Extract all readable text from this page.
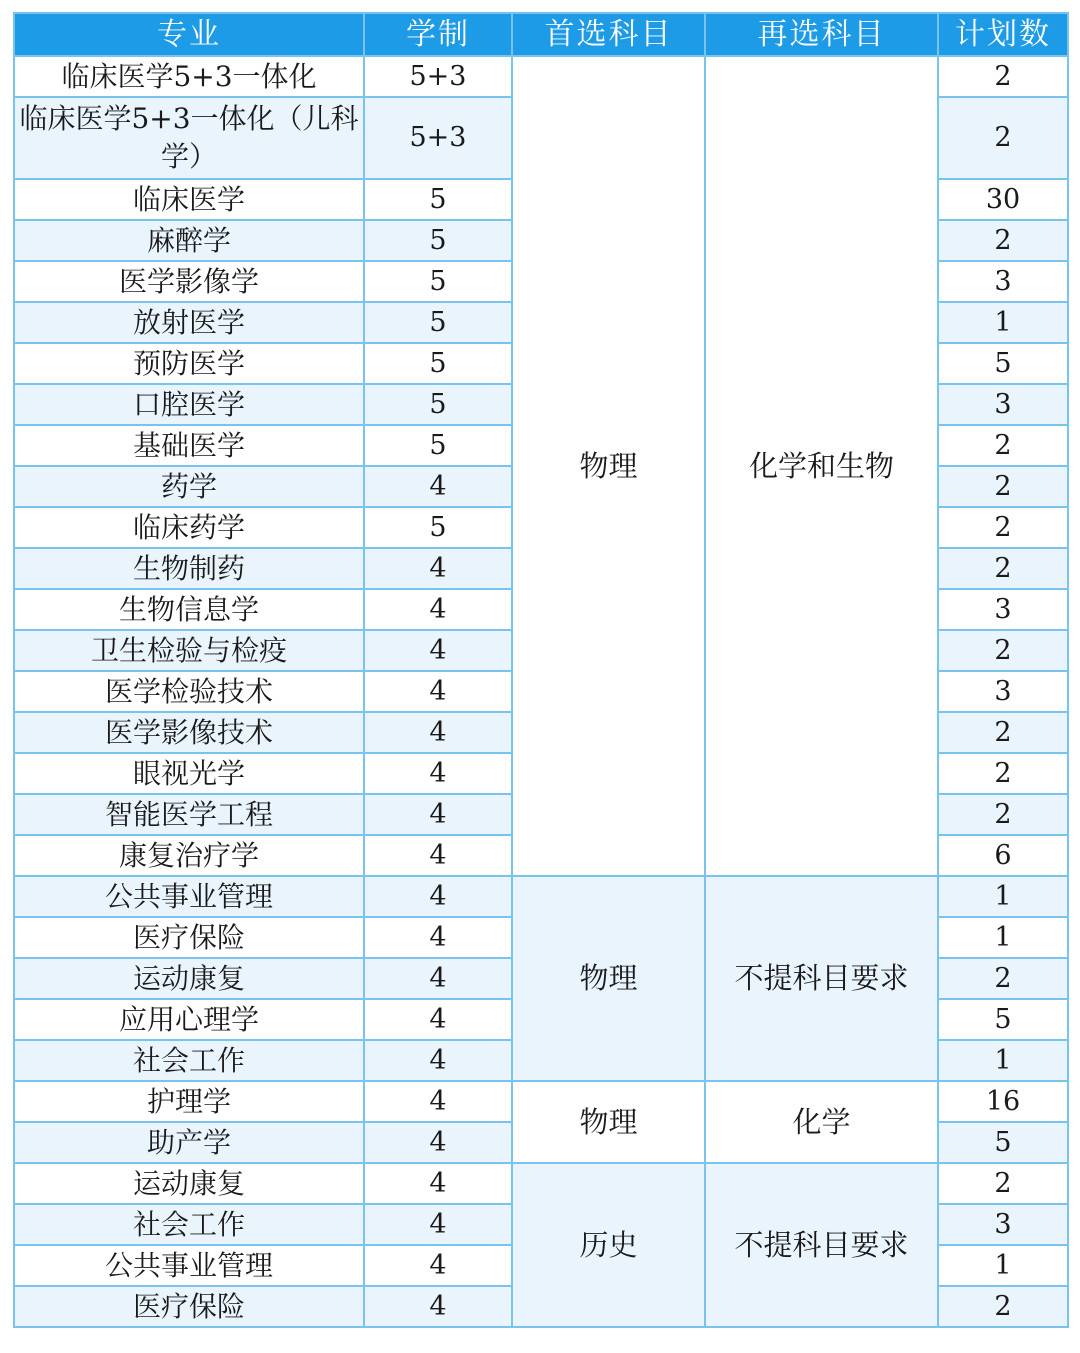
专业	学制	首选科目	再选科目	计划数
临床医学5+3一体化	5+3	物理	化学和生物	2
临床医学5+3一体化（儿科学）	5+3			2
临床医学	5			30
麻醉学	5			2
医学影像学	5			3
放射医学	5			1
预防医学	5			5
口腔医学	5			3
基础医学	5			2
药学	4			2
临床药学	5			2
生物制药	4			2
生物信息学	4			3
卫生检验与检疫	4			2
医学检验技术	4			3
医学影像技术	4			2
眼视光学	4			2
智能医学工程	4			2
康复治疗学	4			6
公共事业管理	4	物理	不提科目要求	1
医疗保险	4			1
运动康复	4			2
应用心理学	4			5
社会工作	4			1
护理学	4	物理	化学	16
助产学	4			5
运动康复	4	历史	不提科目要求	2
社会工作	4			3
公共事业管理	4			1
医疗保险	4			2
